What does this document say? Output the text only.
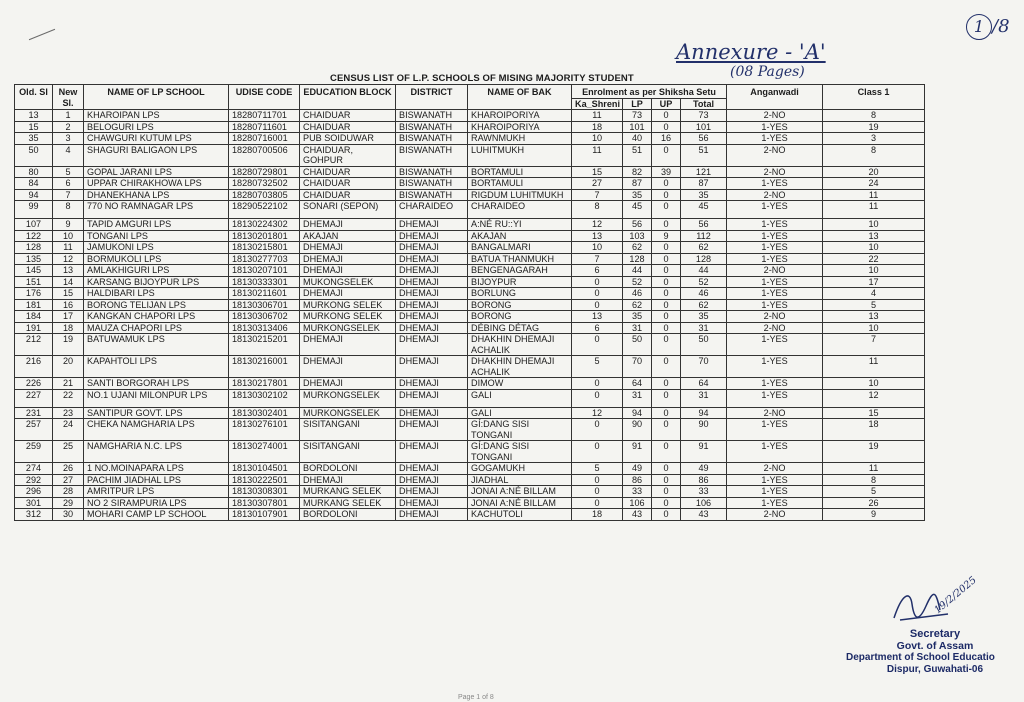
1 /8
Annexure - 'A'
(08 Pages)
CENSUS LIST OF L.P. SCHOOLS OF MISING MAJORITY STUDENT
Old. Sl	New Sl.	NAME OF LP SCHOOL	UDISE CODE	EDUCATION BLOCK	DISTRICT	NAME OF BAK	Enrolment as per Shiksha Setu				Anganwadi	Class 1
							Ka_Shreni	LP	UP	Total		
13	1	KHAROIPAN LPS	18280711701	CHAIDUAR	BISWANATH	KHAROIPORIYA	11	73	0	73	2-NO	8
15	2	BELOGURI LPS	18280711601	CHAIDUAR	BISWANATH	KHAROIPORIYA	18	101	0	101	1-YES	19
35	3	CHAWGURI KUTUM LPS	18280716001	PUB SOIDUWAR	BISWANATH	RAWNMUKH	10	40	16	56	1-YES	3
50	4	SHAGURI BALIGAON LPS	18280700506	CHAIDUAR, GOHPUR	BISWANATH	LUHITMUKH	11	51	0	51	2-NO	8
80	5	GOPAL JARANI LPS	18280729801	CHAIDUAR	BISWANATH	BORTAMULI	15	82	39	121	2-NO	20
84	6	UPPAR CHIRAKHOWA LPS	18280732502	CHAIDUAR	BISWANATH	BORTAMULI	27	87	0	87	1-YES	24
94	7	DHANEKHANA LPS	18280703805	CHAIDUAR	BISWANATH	RIGDUM LUHITMUKH	7	35	0	35	2-NO	11
99	8	770 NO RAMNAGAR LPS	18290522102	SONARI (SEPON)	CHARAIDEO	CHARAIDEO	8	45	0	45	1-YES	11
107	9	TAPID AMGURI LPS	18130224302	DHEMAJI	DHEMAJI	A:NÉ RU::YI	12	56	0	56	1-YES	10
122	10	TONGANI LPS	18130201801	AKAJAN	DHEMAJI	AKAJAN	13	103	9	112	1-YES	13
128	11	JAMUKONI LPS	18130215801	DHEMAJI	DHEMAJI	BANGALMARI	10	62	0	62	1-YES	10
135	12	BORMUKOLI LPS	18130277703	DHEMAJI	DHEMAJI	BATUA THANMUKH	7	128	0	128	1-YES	22
145	13	AMLAKHIGURI LPS	18130207101	DHEMAJI	DHEMAJI	BENGENAGARAH	6	44	0	44	2-NO	10
151	14	KARSANG BIJOYPUR LPS	18130333301	MUKONGSELEK	DHEMAJI	BIJOYPUR	0	52	0	52	1-YES	17
176	15	HALDIBARI LPS	18130211601	DHEMAJI	DHEMAJI	BORLUNG	0	46	0	46	1-YES	4
181	16	BORONG TELIJAN LPS	18130306701	MURKONG SELEK	DHEMAJI	BORONG	0	62	0	62	1-YES	5
184	17	KANGKAN CHAPORI LPS	18130306702	MURKONG SELEK	DHEMAJI	BORONG	13	35	0	35	2-NO	13
191	18	MAUZA CHAPORI LPS	18130313406	MURKONGSELEK	DHEMAJI	DÉBING DÉTAG	6	31	0	31	2-NO	10
212	19	BATUWAMUK LPS	18130215201	DHEMAJI	DHEMAJI	DHAKHIN DHEMAJI ACHALIK	0	50	0	50	1-YES	7
216	20	KAPAHTOLI LPS	18130216001	DHEMAJI	DHEMAJI	DHAKHIN DHEMAJI ACHALIK	5	70	0	70	1-YES	11
226	21	SANTI BORGORAH LPS	18130217801	DHEMAJI	DHEMAJI	DIMOW	0	64	0	64	1-YES	10
227	22	NO.1 UJANI MILONPUR LPS	18130302102	MURKONGSELEK	DHEMAJI	GALI	0	31	0	31	1-YES	12
231	23	SANTIPUR GOVT. LPS	18130302401	MURKONGSELEK	DHEMAJI	GALI	12	94	0	94	2-NO	15
257	24	CHEKA NAMGHARIA LPS	18130276101	SISITANGANI	DHEMAJI	GÍ:DANG SISI TONGANI	0	90	0	90	1-YES	18
259	25	NAMGHARIA N.C. LPS	18130274001	SISITANGANI	DHEMAJI	GÍ:DANG SISI TONGANI	0	91	0	91	1-YES	19
274	26	1 NO.MOINAPARA LPS	18130104501	BORDOLONI	DHEMAJI	GOGAMUKH	5	49	0	49	2-NO	11
292	27	PACHIM JIADHAL LPS	18130222501	DHEMAJI	DHEMAJI	JIADHAL	0	86	0	86	1-YES	8
296	28	AMRITPUR LPS	18130308301	MURKANG SELEK	DHEMAJI	JONAI A:NÉ BILLAM	0	33	0	33	1-YES	5
301	29	NO 2 SIRAMPURIA LPS	18130307801	MURKANG SELEK	DHEMAJI	JONAI A:NÉ BILLAM	0	106	0	106	1-YES	26
312	30	MOHARI CAMP LP SCHOOL	18130107901	BORDOLONI	DHEMAJI	KACHUTOLI	18	43	0	43	2-NO	9
19/2/2025
Secretary
Govt. of Assam
Department of School Educatio
Dispur, Guwahati-06
Page 1 of 8
